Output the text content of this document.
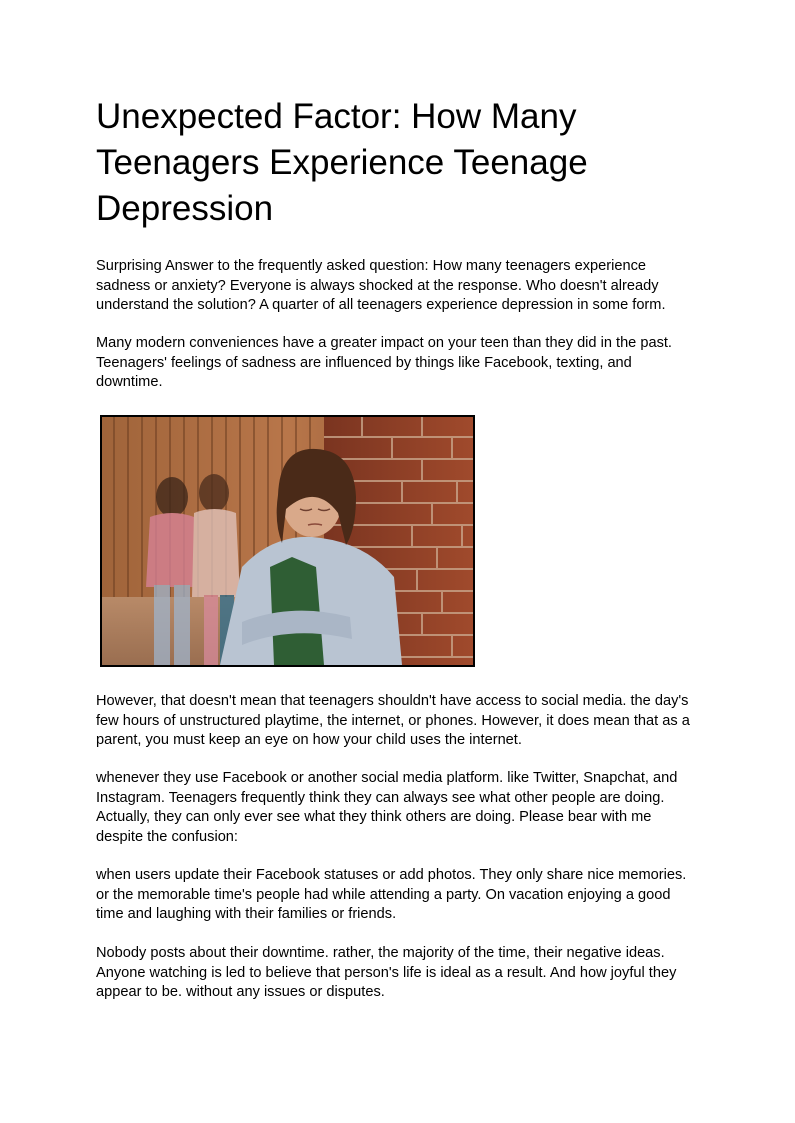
Unexpected Factor: How Many Teenagers Experience Teenage Depression

Surprising Answer to the frequently asked question: How many teenagers experience sadness or anxiety? Everyone is always shocked at the response. Who doesn't already understand the solution? A quarter of all teenagers experience depression in some form.

Many modern conveniences have a greater impact on your teen than they did in the past. Teenagers' feelings of sadness are influenced by things like Facebook, texting, and downtime.

However, that doesn't mean that teenagers shouldn't have access to social media. the day's few hours of unstructured playtime, the internet, or phones. However, it does mean that as a parent, you must keep an eye on how your child uses the internet.

whenever they use Facebook or another social media platform. like Twitter, Snapchat, and Instagram. Teenagers frequently think they can always see what other people are doing. Actually, they can only ever see what they think others are doing. Please bear with me despite the confusion:

when users update their Facebook statuses or add photos. They only share nice memories. or the memorable time's people had while attending a party. On vacation enjoying a good time and laughing with their families or friends.

Nobody posts about their downtime. rather, the majority of the time, their negative ideas. Anyone watching is led to believe that person's life is ideal as a result. And how joyful they appear to be. without any issues or disputes.
